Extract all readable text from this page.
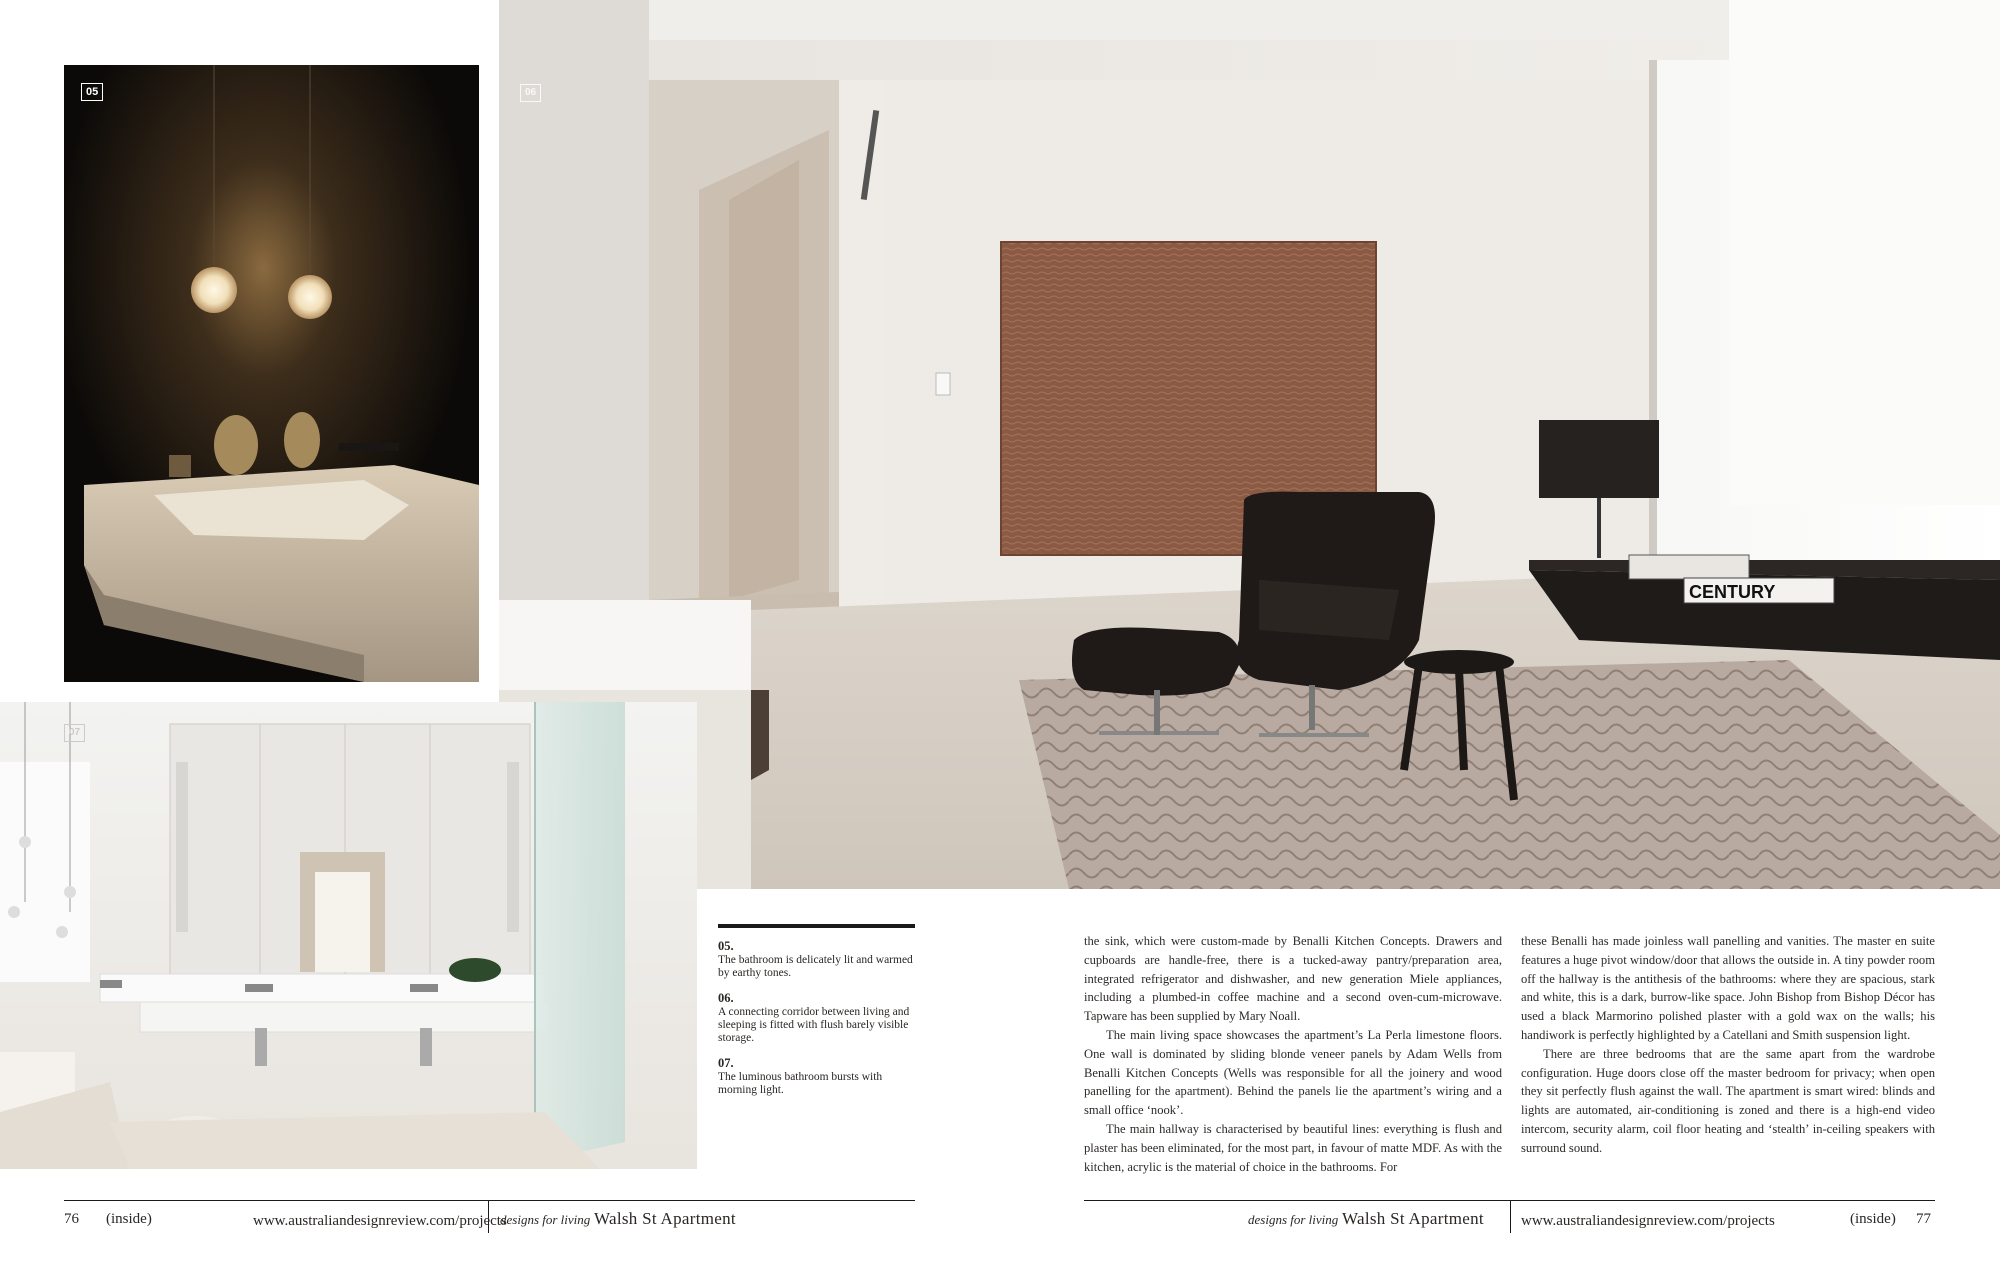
CENTURY
06
05
07
05.
The bathroom is delicately lit and warmed by earthy tones.
06.
A connecting corridor between living and sleeping is fitted with flush barely visible storage.
07.
The luminous bathroom bursts with morning light.

the sink, which were custom-made by Benalli Kitchen Concepts. Drawers and cupboards are handle-free, there is a tucked-away pantry/preparation area, integrated refrigerator and dishwasher, and new generation Miele appliances, including a plumbed-in coffee machine and a second oven-cum-microwave. Tapware has been supplied by Mary Noall.

The main living space showcases the apartment’s La Perla limestone floors. One wall is dominated by sliding blonde veneer panels by Adam Wells from Benalli Kitchen Concepts (Wells was responsible for all the joinery and wood panelling for the apartment). Behind the panels lie the apartment’s wiring and a small office ‘nook’.

The main hallway is characterised by beautiful lines: everything is flush and plaster has been eliminated, for the most part, in favour of matte MDF. As with the kitchen, acrylic is the material of choice in the bathrooms. For

these Benalli has made joinless wall panelling and vanities. The master en suite features a huge pivot window/door that allows the outside in. A tiny powder room off the hallway is the antithesis of the bathrooms: where they are spacious, stark and white, this is a dark, burrow-like space. John Bishop from Bishop Décor has used a black Marmorino polished plaster with a gold wax on the walls; his handiwork is perfectly highlighted by a Catellani and Smith suspension light.

There are three bedrooms that are the same apart from the wardrobe configuration. Huge doors close off the master bedroom for privacy; when open they sit perfectly flush against the wall. The apartment is smart wired: blinds and lights are automated, air-conditioning is zoned and there is a high-end video intercom, security alarm, coil floor heating and ‘stealth’ in-ceiling speakers with surround sound.

76 (inside)	www.australiandesignreview.com/projects
designs for living Walsh St Apartment	designs for living Walsh St Apartment www.australiandesignreview.com/projects	(inside) 77
